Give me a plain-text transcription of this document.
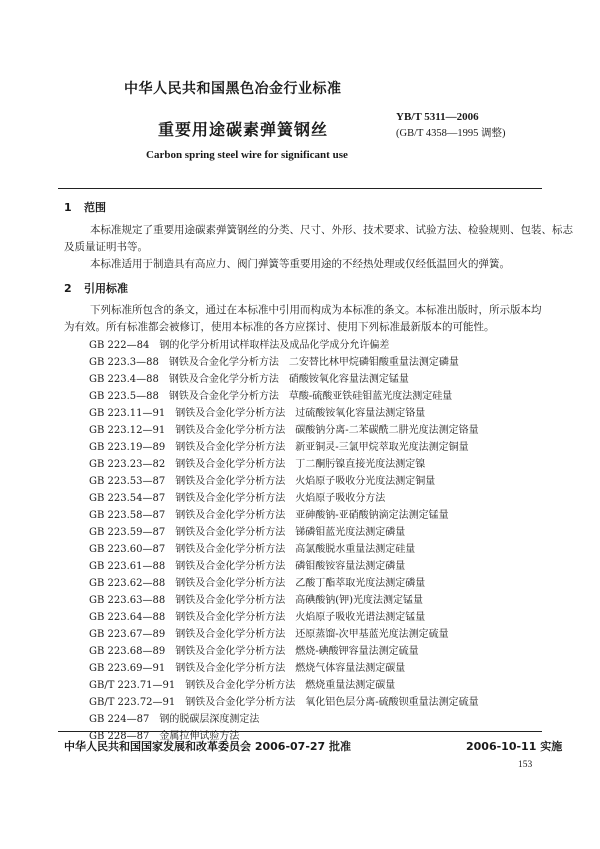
中华人民共和国黑色冶金行业标准
重要用途碳素弹簧钢丝
YB/T 5311—2006
(GB/T 4358—1995 调整)
Carbon spring steel wire for significant use
1 范围
本标准规定了重要用途碳素弹簧钢丝的分类、尺寸、外形、技术要求、试验方法、检验规则、包装、标志
及质量证明书等。
本标准适用于制造具有高应力、阀门弹簧等重要用途的不经热处理或仅经低温回火的弹簧。
2 引用标准
下列标准所包含的条文，通过在本标准中引用而构成为本标准的条文。本标准出版时，所示版本均
为有效。所有标准都会被修订，使用本标准的各方应探讨、使用下列标准最新版本的可能性。
GB 222—84 钢的化学分析用试样取样法及成品化学成分允许偏差
GB 223.3—88 钢铁及合金化学分析方法 二安替比林甲烷磷钼酸重量法测定磷量
GB 223.4—88 钢铁及合金化学分析方法 硝酸铵氧化容量法测定锰量
GB 223.5—88 钢铁及合金化学分析方法 草酸-硫酸亚铁硅钼蓝光度法测定硅量
GB 223.11—91 钢铁及合金化学分析方法 过硫酸铵氧化容量法测定铬量
GB 223.12—91 钢铁及合金化学分析方法 碳酸钠分离-二苯碳酰二肼光度法测定铬量
GB 223.19—89 钢铁及合金化学分析方法 新亚铜灵-三氯甲烷萃取光度法测定铜量
GB 223.23—82 钢铁及合金化学分析方法 丁二酮肟镍直接光度法测定镍
GB 223.53—87 钢铁及合金化学分析方法 火焰原子吸收分光度法测定铜量
GB 223.54—87 钢铁及合金化学分析方法 火焰原子吸收分方法
GB 223.58—87 钢铁及合金化学分析方法 亚砷酸钠-亚硝酸钠滴定法测定锰量
GB 223.59—87 钢铁及合金化学分析方法 锑磷钼蓝光度法测定磷量
GB 223.60—87 钢铁及合金化学分析方法 高氯酸脱水重量法测定硅量
GB 223.61—88 钢铁及合金化学分析方法 磷钼酸铵容量法测定磷量
GB 223.62—88 钢铁及合金化学分析方法 乙酸丁酯萃取光度法测定磷量
GB 223.63—88 钢铁及合金化学分析方法 高碘酸钠(钾)光度法测定锰量
GB 223.64—88 钢铁及合金化学分析方法 火焰原子吸收光谱法测定锰量
GB 223.67—89 钢铁及合金化学分析方法 还原蒸馏-次甲基蓝光度法测定硫量
GB 223.68—89 钢铁及合金化学分析方法 燃烧-碘酸钾容量法测定硫量
GB 223.69—91 钢铁及合金化学分析方法 燃烧气体容量法测定碳量
GB/T 223.71—91 钢铁及合金化学分析方法 燃烧重量法测定碳量
GB/T 223.72—91 钢铁及合金化学分析方法 氧化铝色层分离-硫酸钡重量法测定硫量
GB 224—87 钢的脱碳层深度测定法
GB 228—87 金属拉伸试验方法
中华人民共和国国家发展和改革委员会 2006-07-27 批准	2006-10-11 实施
153
